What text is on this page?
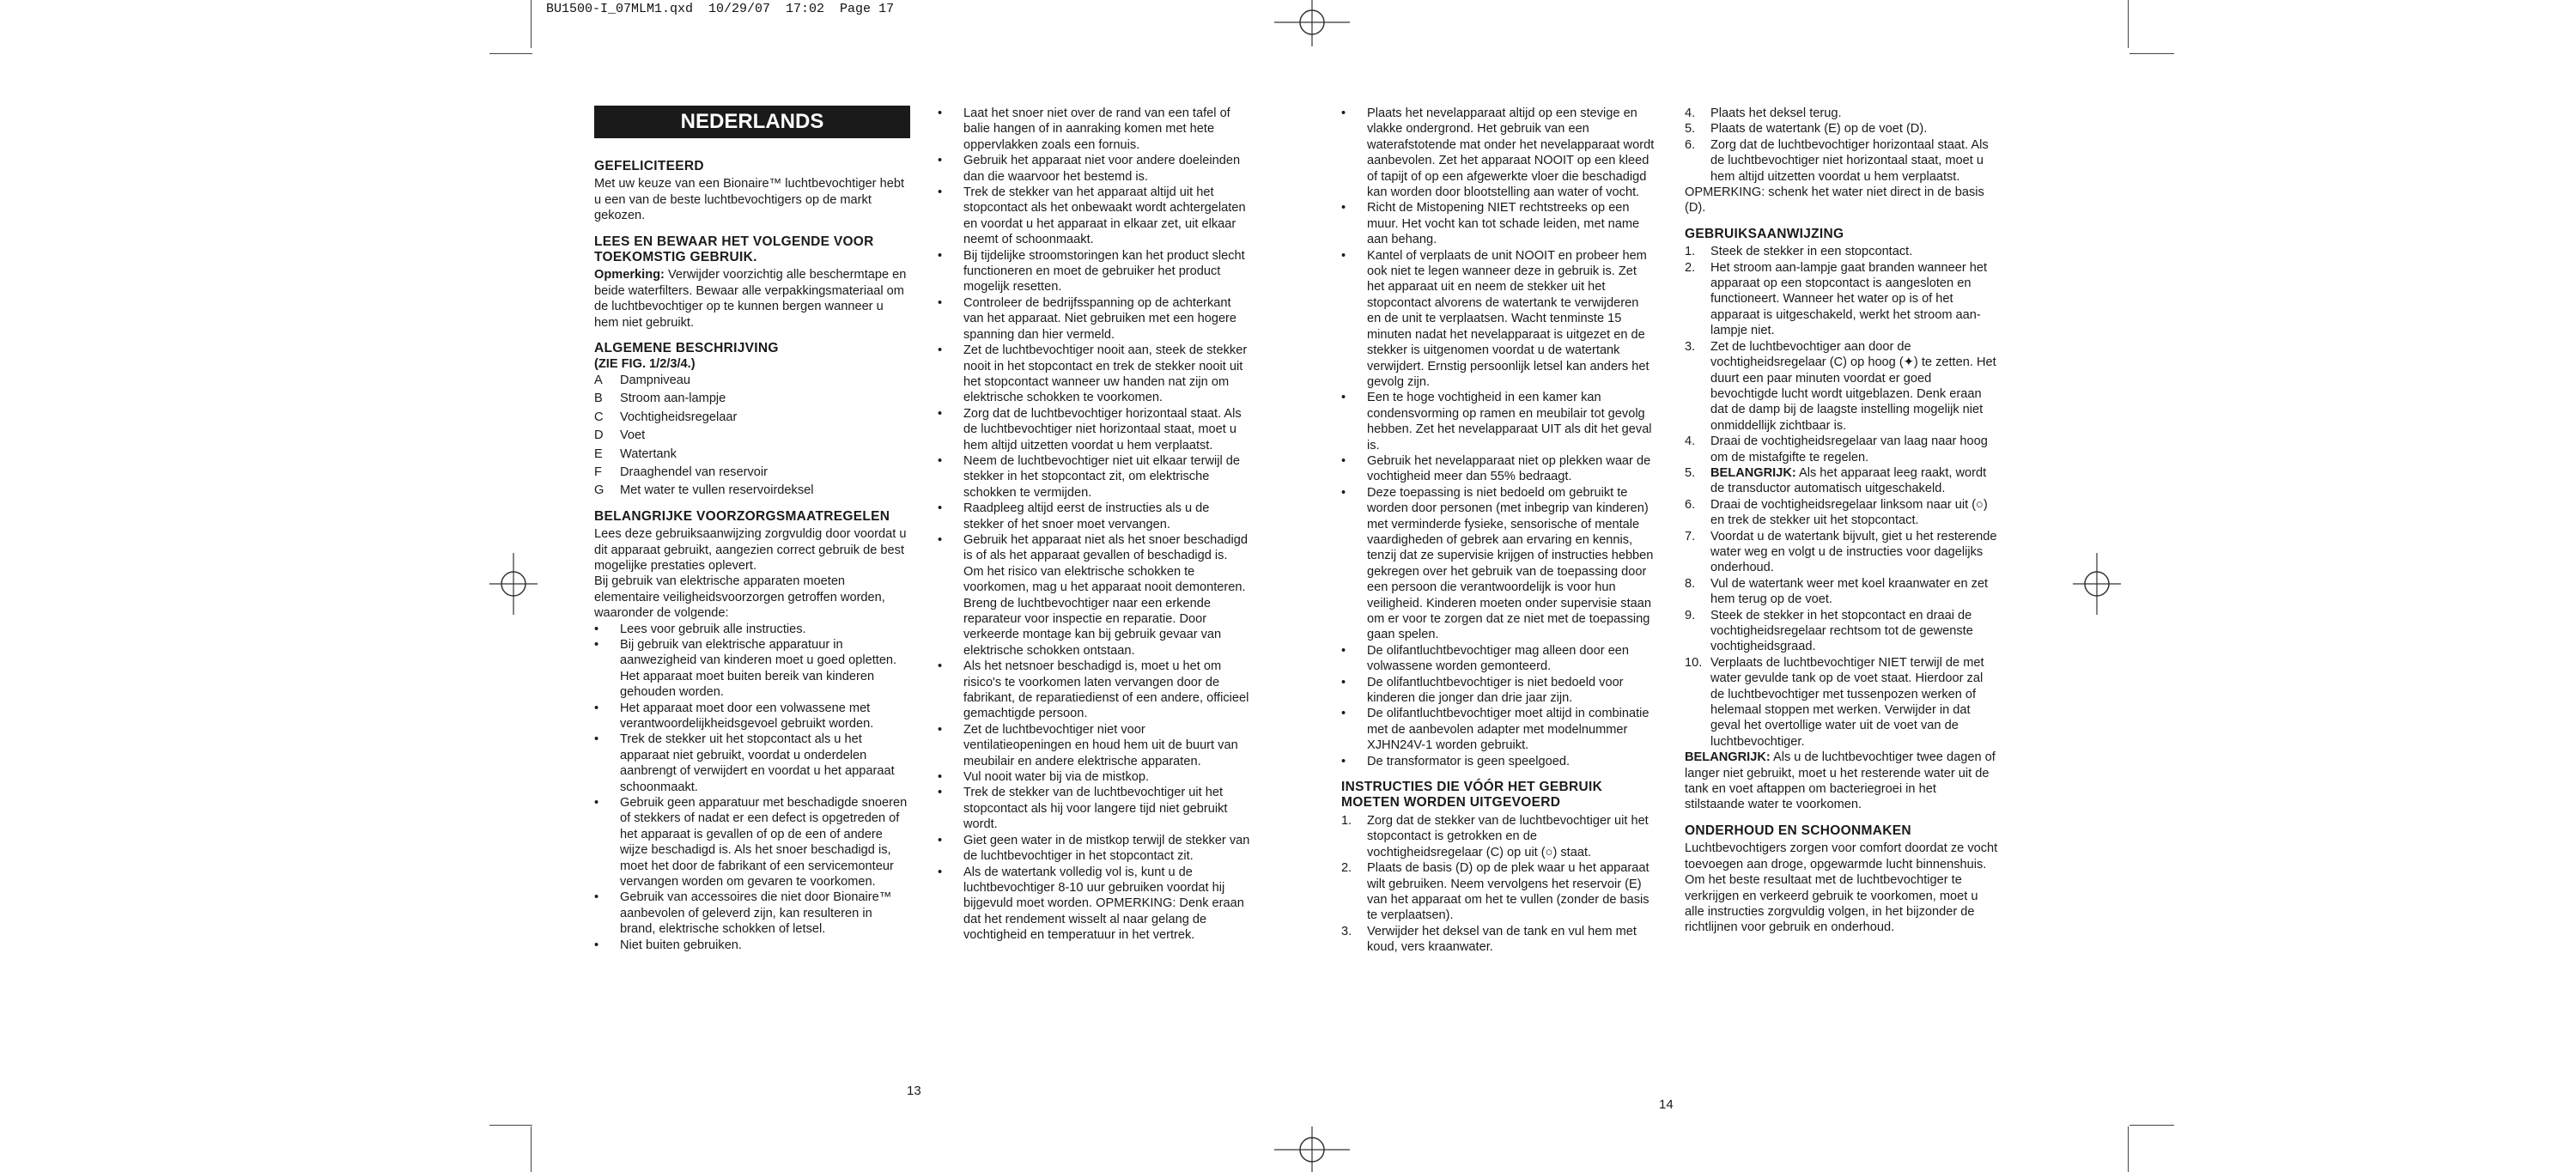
BU1500-I_07MLM1.qxd  10/29/07  17:02  Page 17
NEDERLANDS
GEFELICITEERD

Met uw keuze van een Bionaire™ luchtbevochtiger hebt u een van de beste luchtbevochtigers op de markt gekozen.

LEES EN BEWAAR HET VOLGENDE VOOR TOEKOMSTIG GEBRUIK.

Opmerking: Verwijder voorzichtig alle beschermtape en beide waterfilters. Bewaar alle verpakkingsmateriaal om de luchtbevochtiger op te kunnen bergen wanneer u hem niet gebruikt.

ALGEMENE BESCHRIJVING
(ZIE FIG. 1/2/3/4.)
A Dampniveau
B Stroom aan-lampje
C Vochtigheidsregelaar
D Voet
E Watertank
F Draaghendel van reservoir
G Met water te vullen reservoirdeksel
BELANGRIJKE VOORZORGSMAATREGELEN

Lees deze gebruiksaanwijzing zorgvuldig door voordat u dit apparaat gebruikt, aangezien correct gebruik de best mogelijke prestaties oplevert.

Bij gebruik van elektrische apparaten moeten elementaire veiligheidsvoorzorgen getroffen worden, waaronder de volgende:

• Lees voor gebruik alle instructies.
• Bij gebruik van elektrische apparatuur in aanwezigheid van kinderen moet u goed opletten. Het apparaat moet buiten bereik van kinderen gehouden worden.
• Het apparaat moet door een volwassene met verantwoordelijkheidsgevoel gebruikt worden.
• Trek de stekker uit het stopcontact als u het apparaat niet gebruikt, voordat u onderdelen aanbrengt of verwijdert en voordat u het apparaat schoonmaakt.
• Gebruik geen apparatuur met beschadigde snoeren of stekkers of nadat er een defect is opgetreden of het apparaat is gevallen of op de een of andere wijze beschadigd is. Als het snoer beschadigd is, moet het door de fabrikant of een servicemonteur vervangen worden om gevaren te voorkomen.
• Gebruik van accessoires die niet door Bionaire™ aanbevolen of geleverd zijn, kan resulteren in brand, elektrische schokken of letsel.
• Niet buiten gebruiken.
• Laat het snoer niet over de rand van een tafel of balie hangen of in aanraking komen met hete oppervlakken zoals een fornuis.
• Gebruik het apparaat niet voor andere doeleinden dan die waarvoor het bestemd is.
• Trek de stekker van het apparaat altijd uit het stopcontact als het onbewaakt wordt achtergelaten en voordat u het apparaat in elkaar zet, uit elkaar neemt of schoonmaakt.
• Bij tijdelijke stroomstoringen kan het product slecht functioneren en moet de gebruiker het product mogelijk resetten.
• Controleer de bedrijfsspanning op de achterkant van het apparaat. Niet gebruiken met een hogere spanning dan hier vermeld.
• Zet de luchtbevochtiger nooit aan, steek de stekker nooit in het stopcontact en trek de stekker nooit uit het stopcontact wanneer uw handen nat zijn om elektrische schokken te voorkomen.
• Zorg dat de luchtbevochtiger horizontaal staat. Als de luchtbevochtiger niet horizontaal staat, moet u hem altijd uitzetten voordat u hem verplaatst.
• Neem de luchtbevochtiger niet uit elkaar terwijl de stekker in het stopcontact zit, om elektrische schokken te vermijden.
• Raadpleeg altijd eerst de instructies als u de stekker of het snoer moet vervangen.
• Gebruik het apparaat niet als het snoer beschadigd is of als het apparaat gevallen of beschadigd is. Om het risico van elektrische schokken te voorkomen, mag u het apparaat nooit demonteren. Breng de luchtbevochtiger naar een erkende reparateur voor inspectie en reparatie. Door verkeerde montage kan bij gebruik gevaar van elektrische schokken ontstaan.
• Als het netsnoer beschadigd is, moet u het om risico's te voorkomen laten vervangen door de fabrikant, de reparatiedienst of een andere, officieel gemachtigde persoon.
• Zet de luchtbevochtiger niet voor ventilatieopeningen en houd hem uit de buurt van meubilair en andere elektrische apparaten.
• Vul nooit water bij via de mistkop.
• Trek de stekker van de luchtbevochtiger uit het stopcontact als hij voor langere tijd niet gebruikt wordt.
• Giet geen water in de mistkop terwijl de stekker van de luchtbevochtiger in het stopcontact zit.
• Als de watertank volledig vol is, kunt u de luchtbevochtiger 8-10 uur gebruiken voordat hij bijgevuld moet worden. OPMERKING: Denk eraan dat het rendement wisselt al naar gelang de vochtigheid en temperatuur in het vertrek.
13
• Plaats het nevelapparaat altijd op een stevige en vlakke ondergrond. Het gebruik van een waterafstotende mat onder het nevelapparaat wordt aanbevolen. Zet het apparaat NOOIT op een kleed of tapijt of op een afgewerkte vloer die beschadigd kan worden door blootstelling aan water of vocht.
• Richt de Mistopening NIET rechtstreeks op een muur. Het vocht kan tot schade leiden, met name aan behang.
• Kantel of verplaats de unit NOOIT en probeer hem ook niet te legen wanneer deze in gebruik is. Zet het apparaat uit en neem de stekker uit het stopcontact alvorens de watertank te verwijderen en de unit te verplaatsen. Wacht tenminste 15 minuten nadat het nevelapparaat is uitgezet en de stekker is uitgenomen voordat u de watertank verwijdert. Ernstig persoonlijk letsel kan anders het gevolg zijn.
• Een te hoge vochtigheid in een kamer kan condensvorming op ramen en meubilair tot gevolg hebben. Zet het nevelapparaat UIT als dit het geval is.
• Gebruik het nevelapparaat niet op plekken waar de vochtigheid meer dan 55% bedraagt.
• Deze toepassing is niet bedoeld om gebruikt te worden door personen (met inbegrip van kinderen) met verminderde fysieke, sensorische of mentale vaardigheden of gebrek aan ervaring en kennis, tenzij dat ze supervisie krijgen of instructies hebben gekregen over het gebruik van de toepassing door een persoon die verantwoordelijk is voor hun veiligheid. Kinderen moeten onder supervisie staan om er voor te zorgen dat ze niet met de toepassing gaan spelen.
• De olifantluchtbevochtiger mag alleen door een volwassene worden gemonteerd.
• De olifantluchtbevochtiger is niet bedoeld voor kinderen die jonger dan drie jaar zijn.
• De olifantluchtbevochtiger moet altijd in combinatie met de aanbevolen adapter met modelnummer XJHN24V-1 worden gebruikt.
• De transformator is geen speelgoed.
INSTRUCTIES DIE VÓÓR HET GEBRUIK MOETEN WORDEN UITGEVOERD
1. Zorg dat de stekker van de luchtbevochtiger uit het stopcontact is getrokken en de vochtigheidsregelaar (C) op uit (○) staat.
2. Plaats de basis (D) op de plek waar u het apparaat wilt gebruiken. Neem vervolgens het reservoir (E) van het apparaat om het te vullen (zonder de basis te verplaatsen).
3. Verwijder het deksel van de tank en vul hem met koud, vers kraanwater.
4. Plaats het deksel terug.
5. Plaats de watertank (E) op de voet (D).
6. Zorg dat de luchtbevochtiger horizontaal staat. Als de luchtbevochtiger niet horizontaal staat, moet u hem altijd uitzetten voordat u hem verplaatst.

OPMERKING: schenk het water niet direct in de basis (D).

GEBRUIKSAANWIJZING
1. Steek de stekker in een stopcontact.
2. Het stroom aan-lampje gaat branden wanneer het apparaat op een stopcontact is aangesloten en functioneert. Wanneer het water op is of het apparaat is uitgeschakeld, werkt het stroom aan-lampje niet.
3. Zet de luchtbevochtiger aan door de vochtigheidsregelaar (C) op hoog (✦) te zetten. Het duurt een paar minuten voordat er goed bevochtigde lucht wordt uitgeblazen. Denk eraan dat de damp bij de laagste instelling mogelijk niet onmiddellijk zichtbaar is.
4. Draai de vochtigheidsregelaar van laag naar hoog om de mistafgifte te regelen.
5. BELANGRIJK: Als het apparaat leeg raakt, wordt de transductor automatisch uitgeschakeld.
6. Draai de vochtigheidsregelaar linksom naar uit (○) en trek de stekker uit het stopcontact.
7. Voordat u de watertank bijvult, giet u het resterende water weg en volgt u de instructies voor dagelijks onderhoud.
8. Vul de watertank weer met koel kraanwater en zet hem terug op de voet.
9. Steek de stekker in het stopcontact en draai de vochtigheidsregelaar rechtsom tot de gewenste vochtigheidsgraad.
10. Verplaats de luchtbevochtiger NIET terwijl de met water gevulde tank op de voet staat. Hierdoor zal de luchtbevochtiger met tussenpozen werken of helemaal stoppen met werken. Verwijder in dat geval het overtollige water uit de voet van de luchtbevochtiger.

BELANGRIJK: Als u de luchtbevochtiger twee dagen of langer niet gebruikt, moet u het resterende water uit de tank en voet aftappen om bacteriegroei in het stilstaande water te voorkomen.

ONDERHOUD EN SCHOONMAKEN

Luchtbevochtigers zorgen voor comfort doordat ze vocht toevoegen aan droge, opgewarmde lucht binnenshuis. Om het beste resultaat met de luchtbevochtiger te verkrijgen en verkeerd gebruik te voorkomen, moet u alle instructies zorgvuldig volgen, in het bijzonder de richtlijnen voor gebruik en onderhoud.

14
